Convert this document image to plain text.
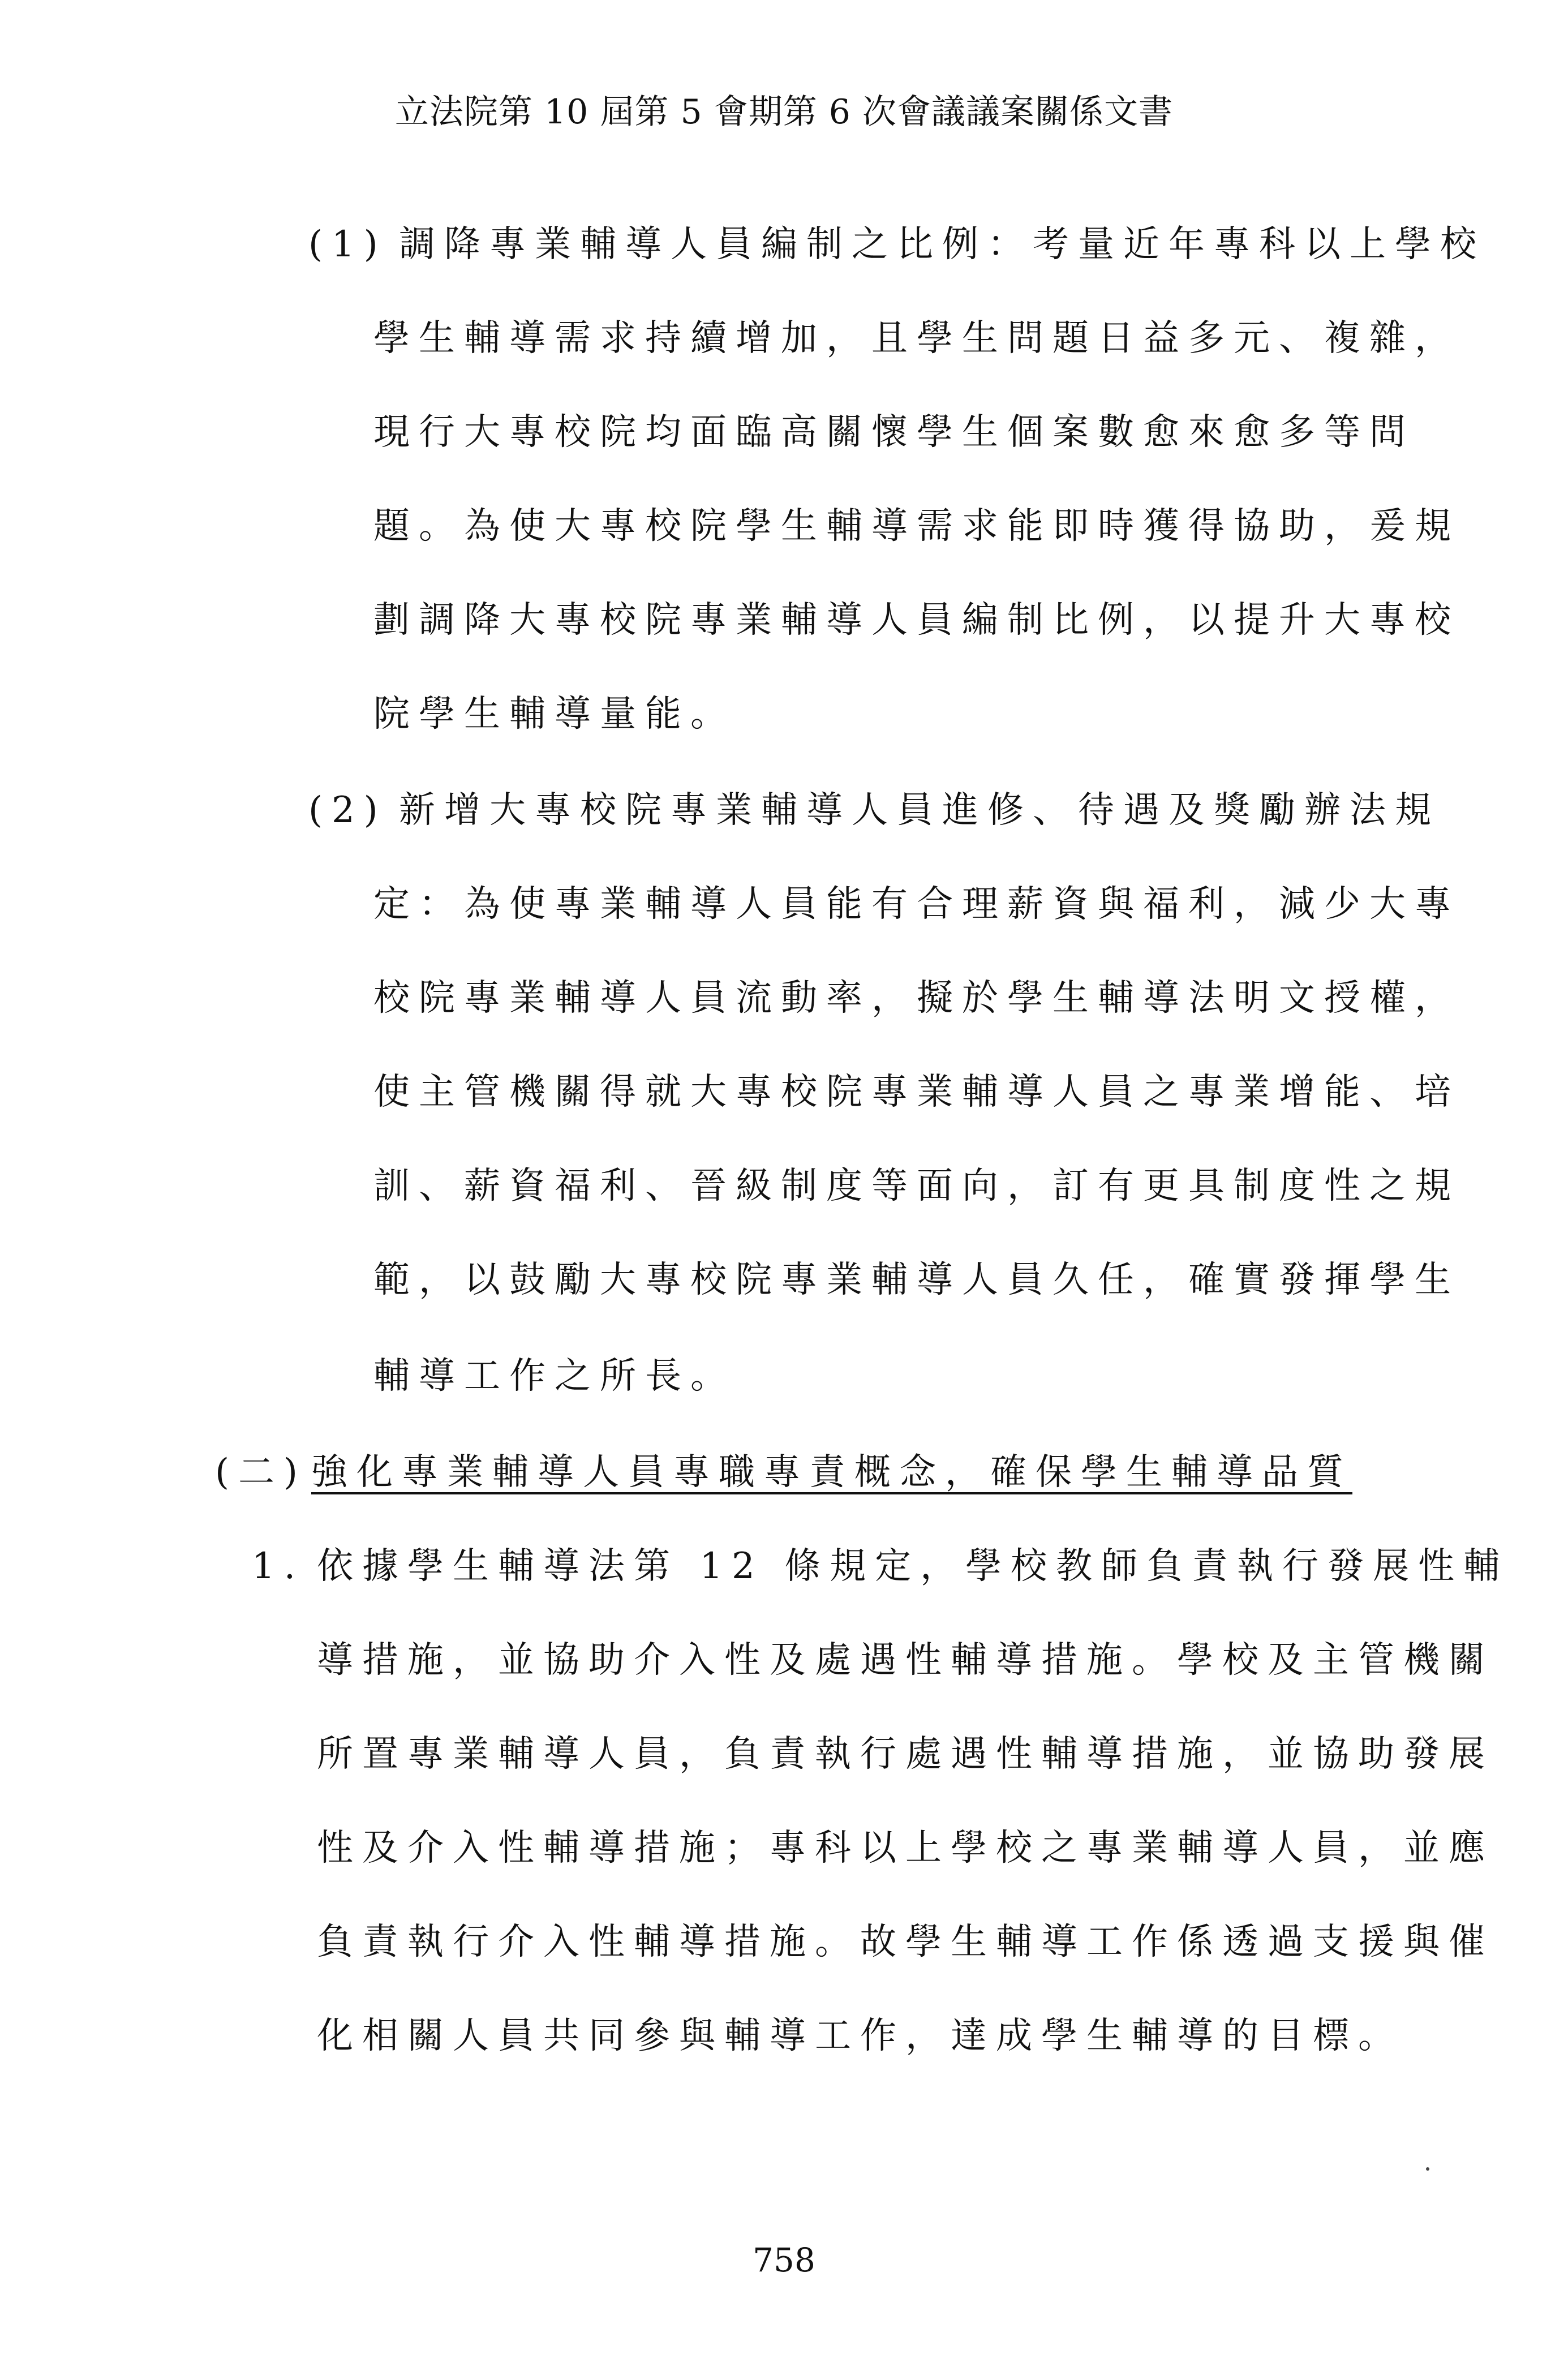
立法院第 10 屆第 5 會期第 6 次會議議案關係文書
(1) 調降專業輔導人員編制之比例：考量近年專科以上學校
學生輔導需求持續增加，且學生問題日益多元、複雜，
現行大專校院均面臨高關懷學生個案數愈來愈多等問
題。為使大專校院學生輔導需求能即時獲得協助，爰規
劃調降大專校院專業輔導人員編制比例，以提升大專校
院學生輔導量能。
(2) 新增大專校院專業輔導人員進修、待遇及獎勵辦法規
定：為使專業輔導人員能有合理薪資與福利，減少大專
校院專業輔導人員流動率，擬於學生輔導法明文授權，
使主管機關得就大專校院專業輔導人員之專業增能、培
訓、薪資福利、晉級制度等面向，訂有更具制度性之規
範，以鼓勵大專校院專業輔導人員久任，確實發揮學生
輔導工作之所長。
(二) 強化專業輔導人員專職專責概念，確保學生輔導品質
1. 依據學生輔導法第 12 條規定，學校教師負責執行發展性輔
導措施，並協助介入性及處遇性輔導措施。學校及主管機關
所置專業輔導人員，負責執行處遇性輔導措施，並協助發展
性及介入性輔導措施；專科以上學校之專業輔導人員，並應
負責執行介入性輔導措施。故學生輔導工作係透過支援與催
化相關人員共同參與輔導工作，達成學生輔導的目標。
758
